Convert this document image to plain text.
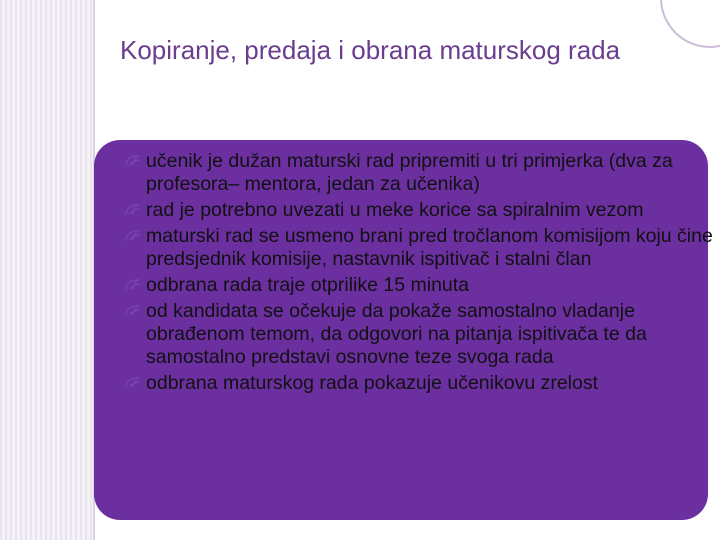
Kopiranje, predaja i obrana maturskog rada
učenik je dužan maturski rad pripremiti u tri primjerka (dva za profesora– mentora, jedan za učenika)
rad je potrebno uvezati u meke korice sa spiralnim vezom
maturski rad se usmeno brani pred tročlanom komisijom koju čine predsjednik komisije, nastavnik ispitivač i stalni član
odbrana rada traje otprilike 15 minuta
od kandidata se očekuje da pokaže samostalno vladanje obrađenom temom, da odgovori na pitanja ispitivača te da samostalno predstavi osnovne teze svoga rada
odbrana maturskog rada pokazuje učenikovu zrelost
